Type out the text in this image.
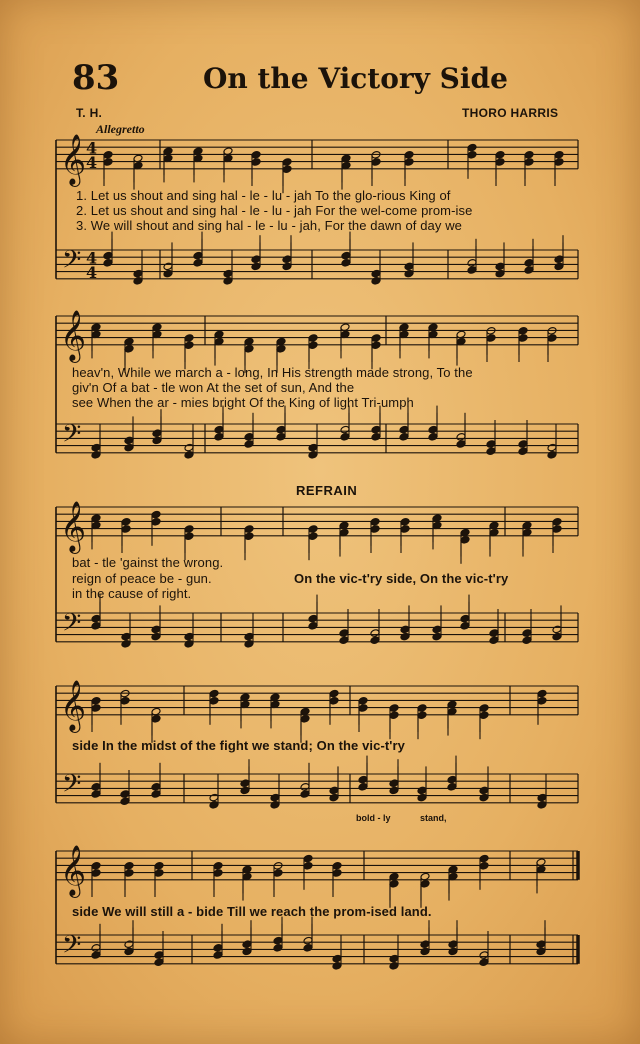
83	On the Victory Side
T. H.	THORO HARRIS
Allegretto
𝄞
𝄢
4
4
4
4
𝄞
𝄢
𝄞
𝄢
𝄞
𝄢
𝄞
𝄢
1. Let us shout and sing hal - le - lu - jah To the glo-rious King of
2. Let us shout and sing hal - le - lu - jah For the wel-come prom-ise
3. We will shout and sing hal - le - lu - jah, For the dawn of day we
heav'n, While we march a - long, In His strength made strong, To the
giv'n Of a bat - tle won At the set of sun, And the
see When the ar - mies bright Of the King of light Tri-umph
REFRAIN
bat - tle 'gainst the wrong.
reign of peace be - gun.
in the cause of right.
On the vic-t'ry side, On the vic-t'ry
side In the midst of the fight we stand; On the vic-t'ry
bold - ly	stand,
side We will still a - bide Till we reach the prom-ised land.
